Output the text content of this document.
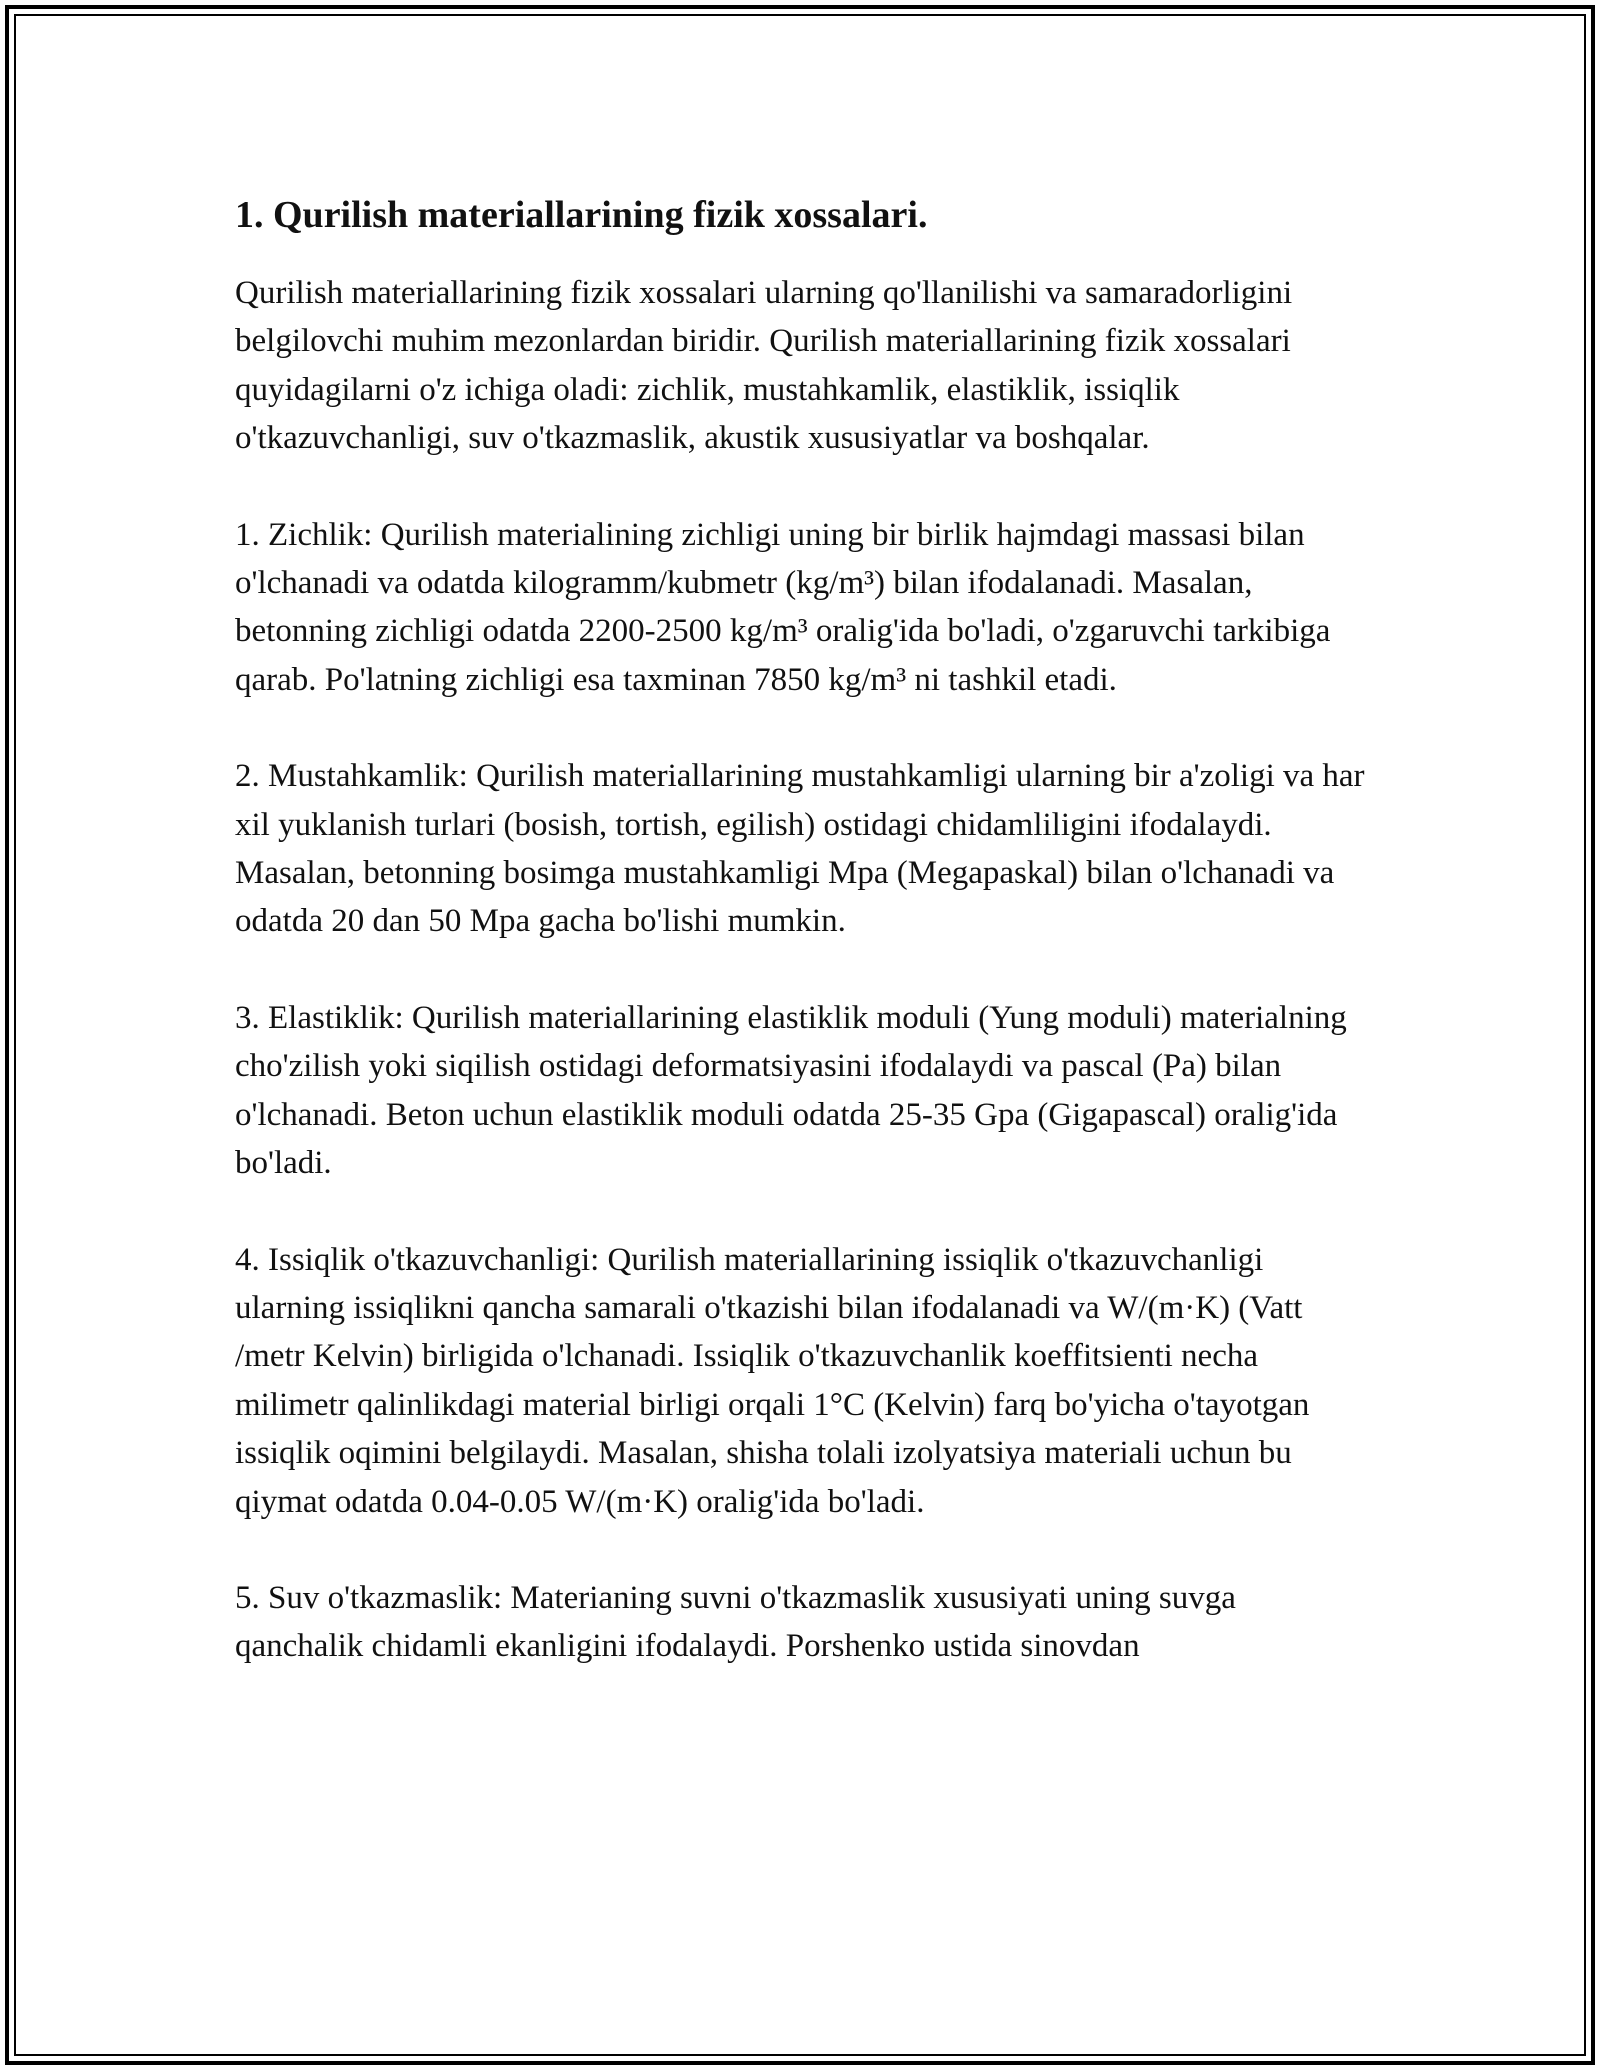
1. Qurilish materiallarining fizik xossalari.

Qurilish materiallarining fizik xossalari ularning qo'llanilishi va samaradorligini belgilovchi muhim mezonlardan biridir. Qurilish materiallarining fizik xossalari quyidagilarni o'z ichiga oladi: zichlik, mustahkamlik, elastiklik, issiqlik o'tkazuvchanligi, suv o'tkazmaslik, akustik xususiyatlar va boshqalar.

1. Zichlik: Qurilish materialining zichligi uning bir birlik hajmdagi massasi bilan o'lchanadi va odatda kilogramm/kubmetr (kg/m³) bilan ifodalanadi. Masalan, betonning zichligi odatda 2200-2500 kg/m³ oralig'ida bo'ladi, o'zgaruvchi tarkibiga qarab. Po'latning zichligi esa taxminan 7850 kg/m³ ni tashkil etadi.

2. Mustahkamlik: Qurilish materiallarining mustahkamligi ularning bir a'zoligi va har xil yuklanish turlari (bosish, tortish, egilish) ostidagi chidamliligini ifodalaydi. Masalan, betonning bosimga mustahkamligi Mpa (Megapaskal) bilan o'lchanadi va odatda 20 dan 50 Mpa gacha bo'lishi mumkin.

3. Elastiklik: Qurilish materiallarining elastiklik moduli (Yung moduli) materialning cho'zilish yoki siqilish ostidagi deformatsiyasini ifodalaydi va pascal (Pa) bilan o'lchanadi. Beton uchun elastiklik moduli odatda 25-35 Gpa (Gigapascal) oralig'ida bo'ladi.

4. Issiqlik o'tkazuvchanligi: Qurilish materiallarining issiqlik o'tkazuvchanligi ularning issiqlikni qancha samarali o'tkazishi bilan ifodalanadi va W/(m·K) (Vatt /metr Kelvin) birligida o'lchanadi. Issiqlik o'tkazuvchanlik koeffitsienti necha milimetr qalinlikdagi material birligi orqali 1°C (Kelvin) farq bo'yicha o'tayotgan issiqlik oqimini belgilaydi. Masalan, shisha tolali izolyatsiya materiali uchun bu qiymat odatda 0.04-0.05 W/(m·K) oralig'ida bo'ladi.

5. Suv o'tkazmaslik: Materianing suvni o'tkazmaslik xususiyati uning suvga qanchalik chidamli ekanligini ifodalaydi. Porshenko ustida sinovdan
